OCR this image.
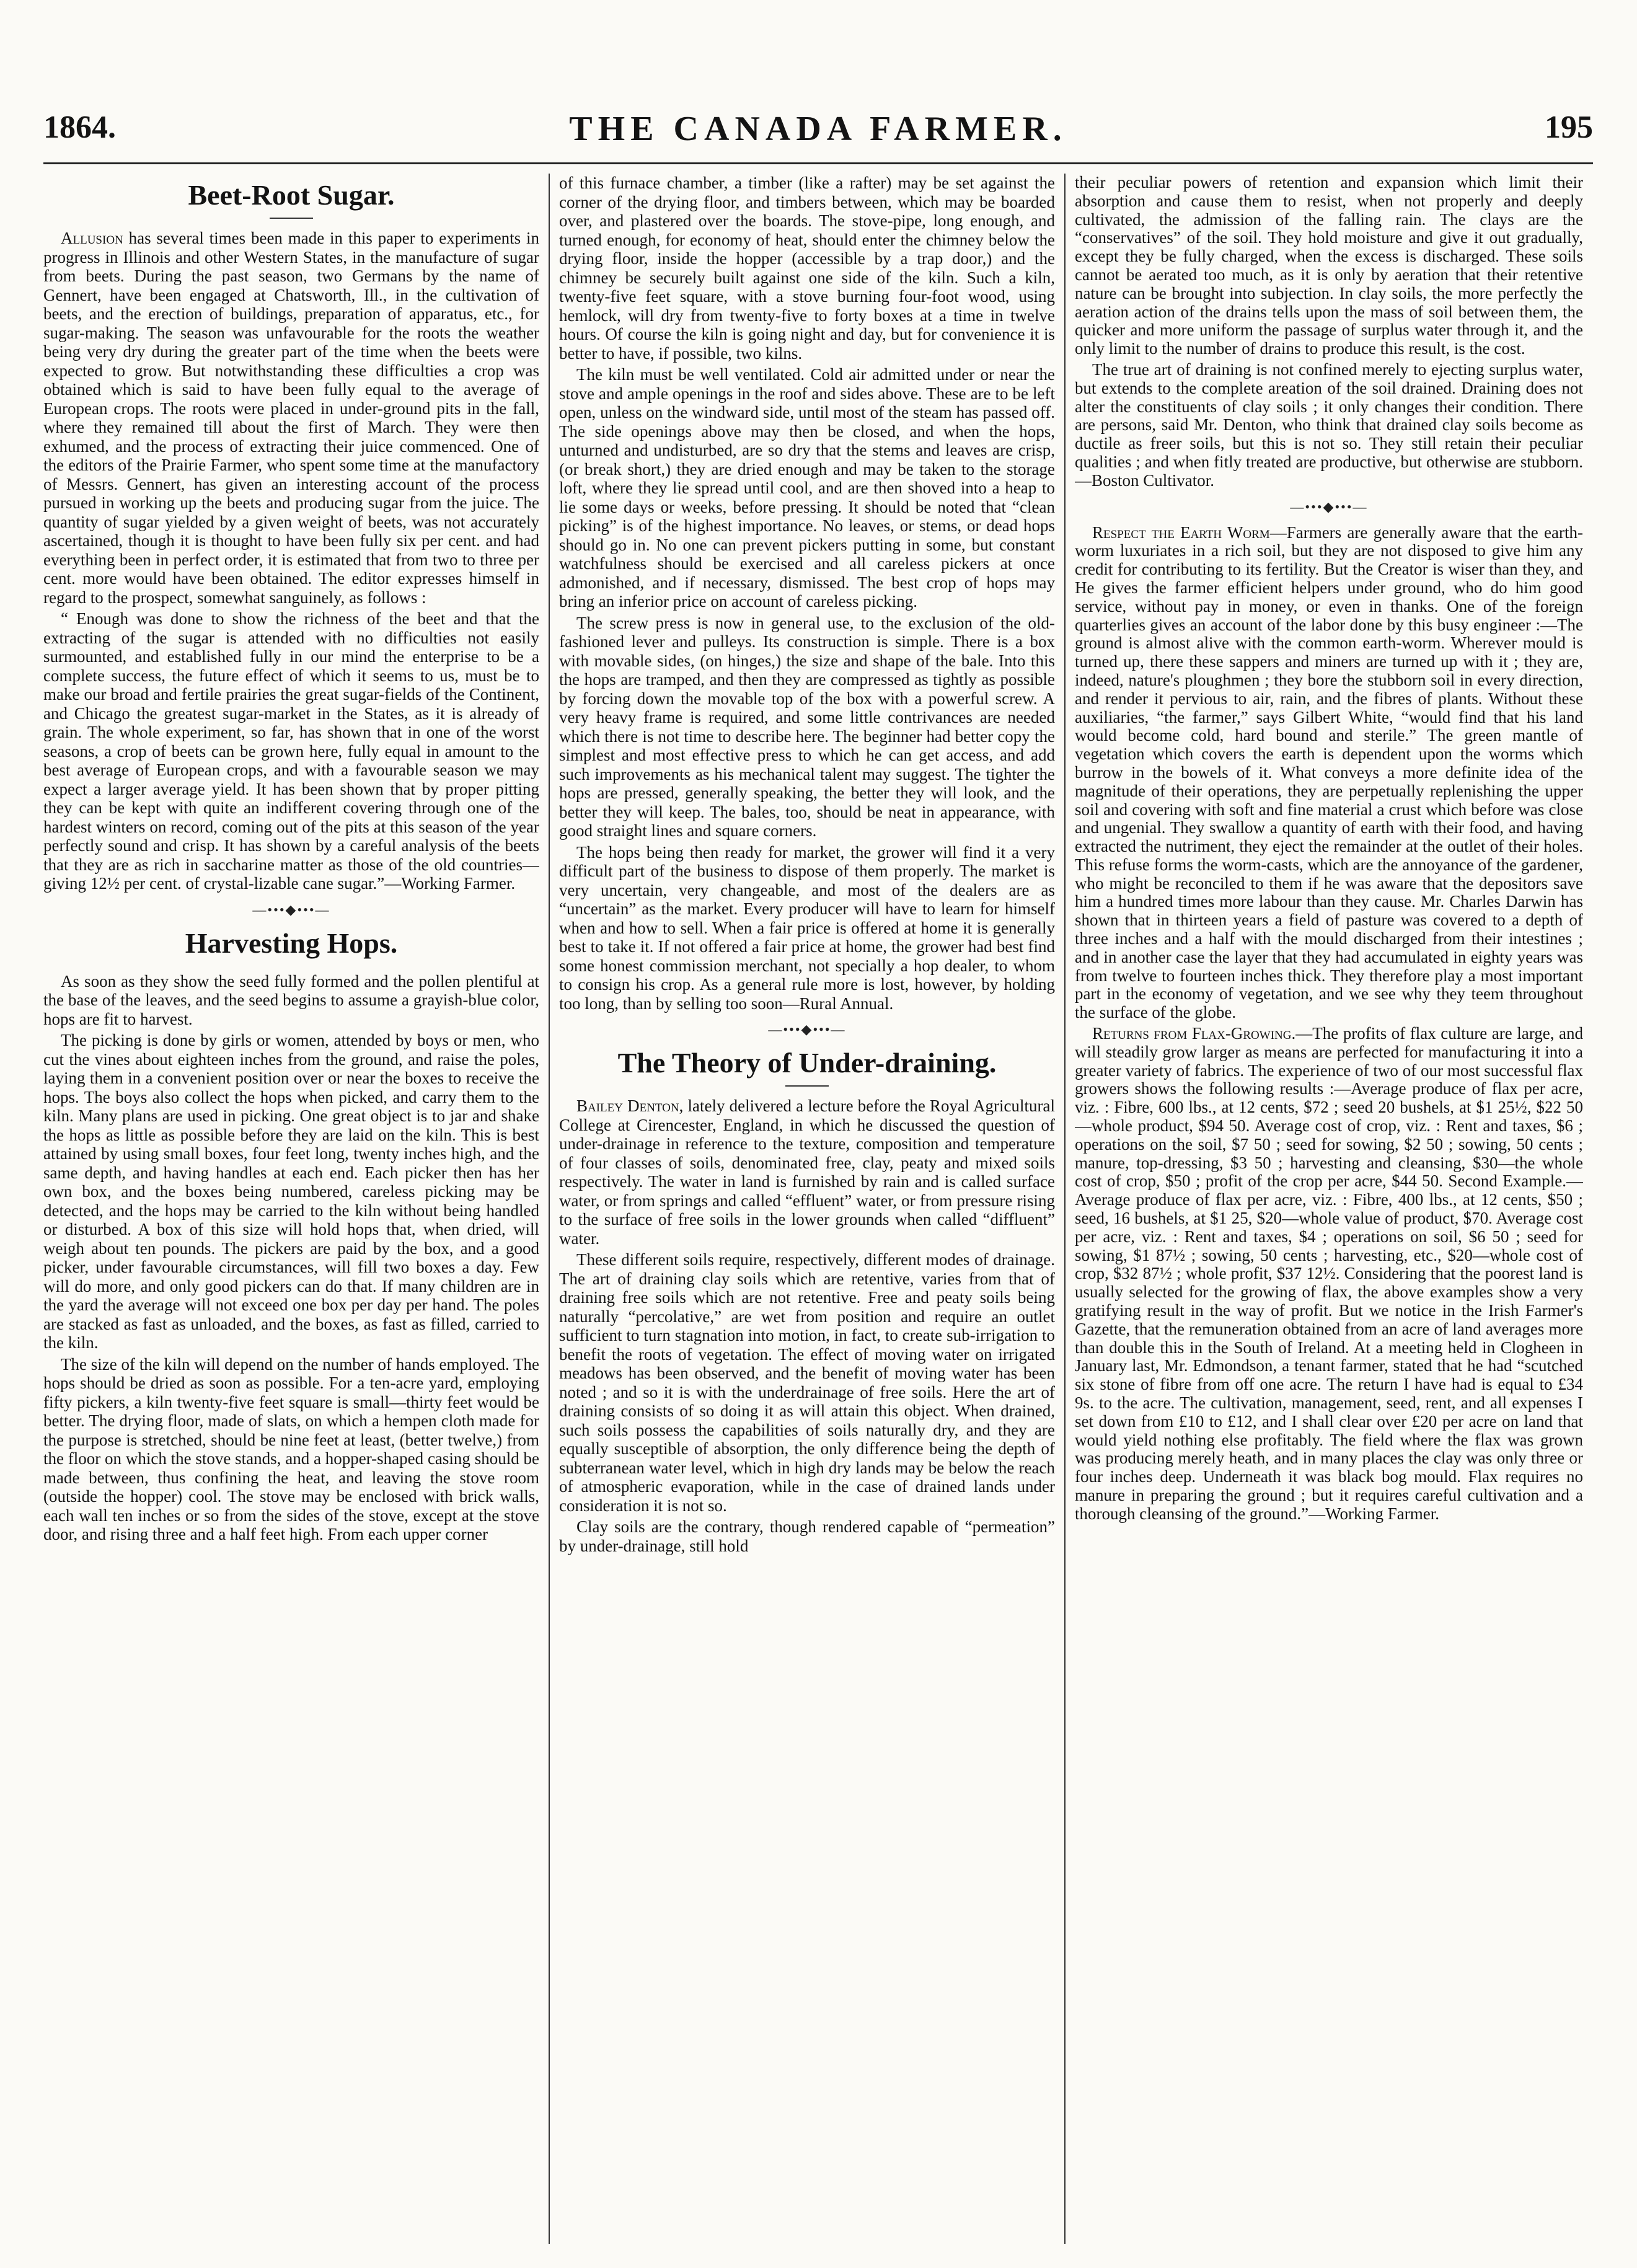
1864.	THE CANADA FARMER.	195
Beet-Root Sugar.

Allusion has several times been made in this paper to experiments in progress in Illinois and other Western States, in the manufacture of sugar from beets. During the past season, two Germans by the name of Gennert, have been engaged at Chatsworth, Ill., in the cultivation of beets, and the erection of buildings, preparation of apparatus, etc., for sugar-making. The season was unfavourable for the roots the weather being very dry during the greater part of the time when the beets were expected to grow. But notwithstanding these difficulties a crop was obtained which is said to have been fully equal to the average of European crops. The roots were placed in under-ground pits in the fall, where they remained till about the first of March. They were then exhumed, and the process of extracting their juice commenced. One of the editors of the Prairie Farmer, who spent some time at the manufactory of Messrs. Gennert, has given an interesting account of the process pursued in working up the beets and producing sugar from the juice. The quantity of sugar yielded by a given weight of beets, was not accurately ascertained, though it is thought to have been fully six per cent. and had everything been in perfect order, it is estimated that from two to three per cent. more would have been obtained. The editor expresses himself in regard to the prospect, somewhat sanguinely, as follows :

“ Enough was done to show the richness of the beet and that the extracting of the sugar is attended with no difficulties not easily surmounted, and established fully in our mind the enterprise to be a complete success, the future effect of which it seems to us, must be to make our broad and fertile prairies the great sugar-fields of the Continent, and Chicago the greatest sugar-market in the States, as it is already of grain. The whole experiment, so far, has shown that in one of the worst seasons, a crop of beets can be grown here, fully equal in amount to the best average of European crops, and with a favourable season we may expect a larger average yield. It has been shown that by proper pitting they can be kept with quite an indifferent covering through one of the hardest winters on record, coming out of the pits at this season of the year perfectly sound and crisp. It has shown by a careful analysis of the beets that they are as rich in saccharine matter as those of the old countries—giving 12½ per cent. of crystal-lizable cane sugar.”—Working Farmer.

—•••◆•••—
Harvesting Hops.

As soon as they show the seed fully formed and the pollen plentiful at the base of the leaves, and the seed begins to assume a grayish-blue color, hops are fit to harvest.

The picking is done by girls or women, attended by boys or men, who cut the vines about eighteen inches from the ground, and raise the poles, laying them in a convenient position over or near the boxes to receive the hops. The boys also collect the hops when picked, and carry them to the kiln. Many plans are used in picking. One great object is to jar and shake the hops as little as possible before they are laid on the kiln. This is best attained by using small boxes, four feet long, twenty inches high, and the same depth, and having handles at each end. Each picker then has her own box, and the boxes being numbered, careless picking may be detected, and the hops may be carried to the kiln without being handled or disturbed. A box of this size will hold hops that, when dried, will weigh about ten pounds. The pickers are paid by the box, and a good picker, under favourable circumstances, will fill two boxes a day. Few will do more, and only good pickers can do that. If many children are in the yard the average will not exceed one box per day per hand. The poles are stacked as fast as unloaded, and the boxes, as fast as filled, carried to the kiln.

The size of the kiln will depend on the number of hands employed. The hops should be dried as soon as possible. For a ten-acre yard, employing fifty pickers, a kiln twenty-five feet square is small—thirty feet would be better. The drying floor, made of slats, on which a hempen cloth made for the purpose is stretched, should be nine feet at least, (better twelve,) from the floor on which the stove stands, and a hopper-shaped casing should be made between, thus confining the heat, and leaving the stove room (outside the hopper) cool. The stove may be enclosed with brick walls, each wall ten inches or so from the sides of the stove, except at the stove door, and rising three and a half feet high. From each upper corner

of this furnace chamber, a timber (like a rafter) may be set against the corner of the drying floor, and timbers between, which may be boarded over, and plastered over the boards. The stove-pipe, long enough, and turned enough, for economy of heat, should enter the chimney below the drying floor, inside the hopper (accessible by a trap door,) and the chimney be securely built against one side of the kiln. Such a kiln, twenty-five feet square, with a stove burning four-foot wood, using hemlock, will dry from twenty-five to forty boxes at a time in twelve hours. Of course the kiln is going night and day, but for convenience it is better to have, if possible, two kilns.

The kiln must be well ventilated. Cold air admitted under or near the stove and ample openings in the roof and sides above. These are to be left open, unless on the windward side, until most of the steam has passed off. The side openings above may then be closed, and when the hops, unturned and undisturbed, are so dry that the stems and leaves are crisp, (or break short,) they are dried enough and may be taken to the storage loft, where they lie spread until cool, and are then shoved into a heap to lie some days or weeks, before pressing. It should be noted that “clean picking” is of the highest importance. No leaves, or stems, or dead hops should go in. No one can prevent pickers putting in some, but constant watchfulness should be exercised and all careless pickers at once admonished, and if necessary, dismissed. The best crop of hops may bring an inferior price on account of careless picking.

The screw press is now in general use, to the exclusion of the old-fashioned lever and pulleys. Its construction is simple. There is a box with movable sides, (on hinges,) the size and shape of the bale. Into this the hops are tramped, and then they are compressed as tightly as possible by forcing down the movable top of the box with a powerful screw. A very heavy frame is required, and some little contrivances are needed which there is not time to describe here. The beginner had better copy the simplest and most effective press to which he can get access, and add such improvements as his mechanical talent may suggest. The tighter the hops are pressed, generally speaking, the better they will look, and the better they will keep. The bales, too, should be neat in appearance, with good straight lines and square corners.

The hops being then ready for market, the grower will find it a very difficult part of the business to dispose of them properly. The market is very uncertain, very changeable, and most of the dealers are as “uncertain” as the market. Every producer will have to learn for himself when and how to sell. When a fair price is offered at home it is generally best to take it. If not offered a fair price at home, the grower had best find some honest commission merchant, not specially a hop dealer, to whom to consign his crop. As a general rule more is lost, however, by holding too long, than by selling too soon—Rural Annual.

—•••◆•••—
The Theory of Under-draining.

Bailey Denton, lately delivered a lecture before the Royal Agricultural College at Cirencester, England, in which he discussed the question of under-drainage in reference to the texture, composition and temperature of four classes of soils, denominated free, clay, peaty and mixed soils respectively. The water in land is furnished by rain and is called surface water, or from springs and called “effluent” water, or from pressure rising to the surface of free soils in the lower grounds when called “diffluent” water.

These different soils require, respectively, different modes of drainage. The art of draining clay soils which are retentive, varies from that of draining free soils which are not retentive. Free and peaty soils being naturally “percolative,” are wet from position and require an outlet sufficient to turn stagnation into motion, in fact, to create sub-irrigation to benefit the roots of vegetation. The effect of moving water on irrigated meadows has been observed, and the benefit of moving water has been noted ; and so it is with the underdrainage of free soils. Here the art of draining consists of so doing it as will attain this object. When drained, such soils possess the capabilities of soils naturally dry, and they are equally susceptible of absorption, the only difference being the depth of subterranean water level, which in high dry lands may be below the reach of atmospheric evaporation, while in the case of drained lands under consideration it is not so.

Clay soils are the contrary, though rendered capable of “permeation” by under-drainage, still hold

their peculiar powers of retention and expansion which limit their absorption and cause them to resist, when not properly and deeply cultivated, the admission of the falling rain. The clays are the “conservatives” of the soil. They hold moisture and give it out gradually, except they be fully charged, when the excess is discharged. These soils cannot be aerated too much, as it is only by aeration that their retentive nature can be brought into subjection. In clay soils, the more perfectly the aeration action of the drains tells upon the mass of soil between them, the quicker and more uniform the passage of surplus water through it, and the only limit to the number of drains to produce this result, is the cost.

The true art of draining is not confined merely to ejecting surplus water, but extends to the complete areation of the soil drained. Draining does not alter the constituents of clay soils ; it only changes their condition. There are persons, said Mr. Denton, who think that drained clay soils become as ductile as freer soils, but this is not so. They still retain their peculiar qualities ; and when fitly treated are productive, but otherwise are stubborn.—Boston Cultivator.

—•••◆•••—

Respect the Earth Worm—Farmers are generally aware that the earth-worm luxuriates in a rich soil, but they are not disposed to give him any credit for contributing to its fertility. But the Creator is wiser than they, and He gives the farmer efficient helpers under ground, who do him good service, without pay in money, or even in thanks. One of the foreign quarterlies gives an account of the labor done by this busy engineer :—The ground is almost alive with the common earth-worm. Wherever mould is turned up, there these sappers and miners are turned up with it ; they are, indeed, nature's ploughmen ; they bore the stubborn soil in every direction, and render it pervious to air, rain, and the fibres of plants. Without these auxiliaries, “the farmer,” says Gilbert White, “would find that his land would become cold, hard bound and sterile.” The green mantle of vegetation which covers the earth is dependent upon the worms which burrow in the bowels of it. What conveys a more definite idea of the magnitude of their operations, they are perpetually replenishing the upper soil and covering with soft and fine material a crust which before was close and ungenial. They swallow a quantity of earth with their food, and having extracted the nutriment, they eject the remainder at the outlet of their holes. This refuse forms the worm-casts, which are the annoyance of the gardener, who might be reconciled to them if he was aware that the depositors save him a hundred times more labour than they cause. Mr. Charles Darwin has shown that in thirteen years a field of pasture was covered to a depth of three inches and a half with the mould discharged from their intestines ; and in another case the layer that they had accumulated in eighty years was from twelve to fourteen inches thick. They therefore play a most important part in the economy of vegetation, and we see why they teem throughout the surface of the globe.

Returns from Flax-Growing.—The profits of flax culture are large, and will steadily grow larger as means are perfected for manufacturing it into a greater variety of fabrics. The experience of two of our most successful flax growers shows the following results :—Average produce of flax per acre, viz. : Fibre, 600 lbs., at 12 cents, $72 ; seed 20 bushels, at $1 25½, $22 50—whole product, $94 50. Average cost of crop, viz. : Rent and taxes, $6 ; operations on the soil, $7 50 ; seed for sowing, $2 50 ; sowing, 50 cents ; manure, top-dressing, $3 50 ; harvesting and cleansing, $30—the whole cost of crop, $50 ; profit of the crop per acre, $44 50. Second Example.—Average produce of flax per acre, viz. : Fibre, 400 lbs., at 12 cents, $50 ; seed, 16 bushels, at $1 25, $20—whole value of product, $70. Average cost per acre, viz. : Rent and taxes, $4 ; operations on soil, $6 50 ; seed for sowing, $1 87½ ; sowing, 50 cents ; harvesting, etc., $20—whole cost of crop, $32 87½ ; whole profit, $37 12½. Considering that the poorest land is usually selected for the growing of flax, the above examples show a very gratifying result in the way of profit. But we notice in the Irish Farmer's Gazette, that the remuneration obtained from an acre of land averages more than double this in the South of Ireland. At a meeting held in Clogheen in January last, Mr. Edmondson, a tenant farmer, stated that he had “scutched six stone of fibre from off one acre. The return I have had is equal to £34 9s. to the acre. The cultivation, management, seed, rent, and all expenses I set down from £10 to £12, and I shall clear over £20 per acre on land that would yield nothing else profitably. The field where the flax was grown was producing merely heath, and in many places the clay was only three or four inches deep. Underneath it was black bog mould. Flax requires no manure in preparing the ground ; but it requires careful cultivation and a thorough cleansing of the ground.”—Working Farmer.
